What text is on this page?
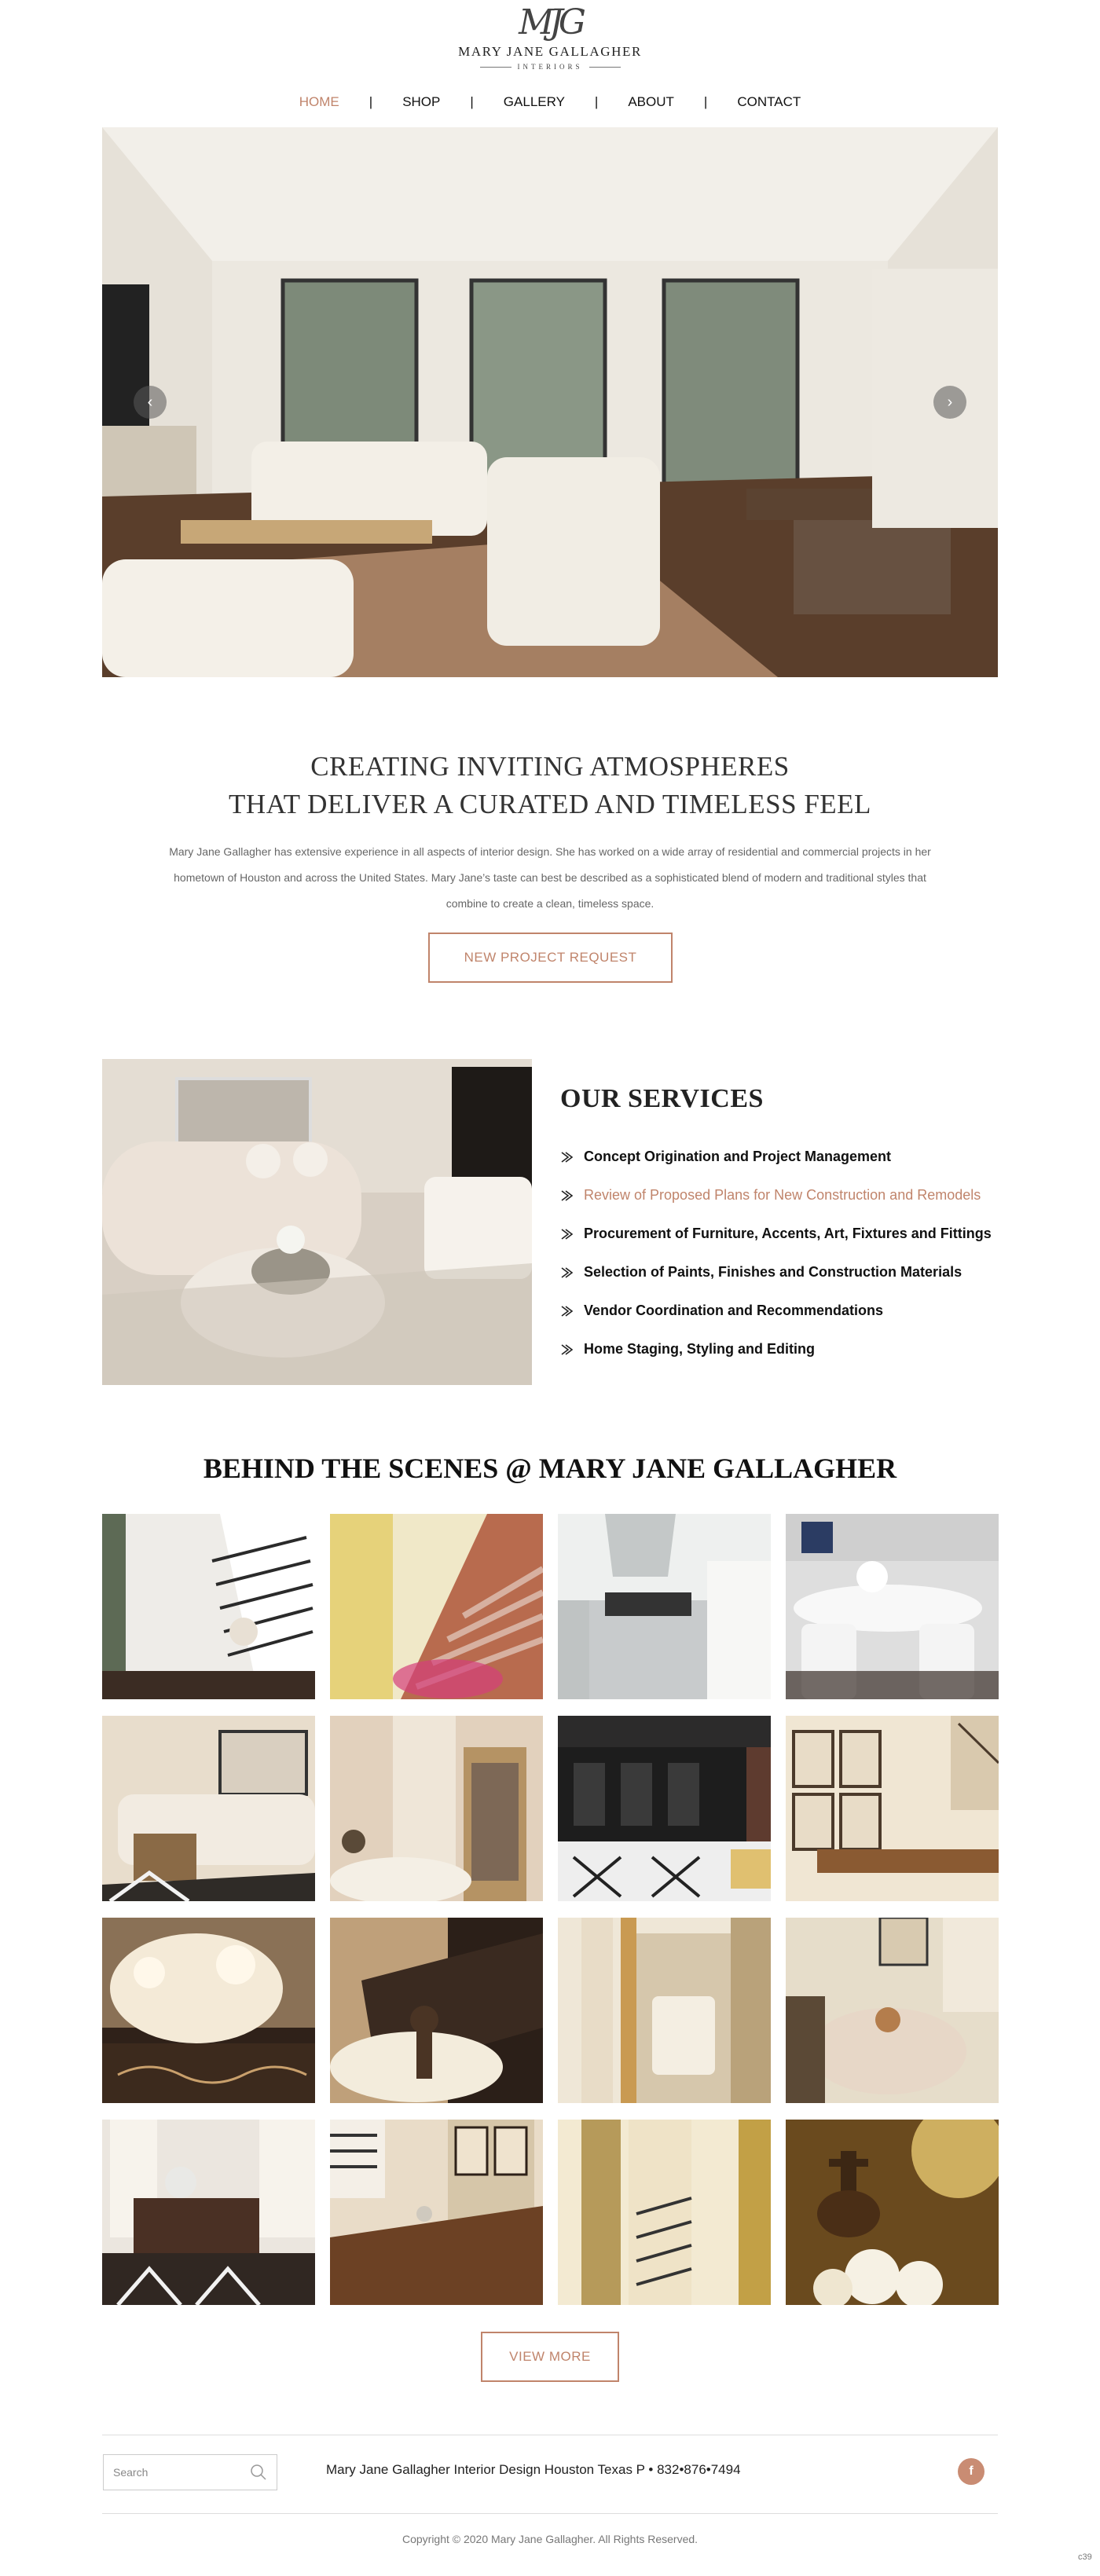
MJG
MARY JANE GALLAGHER
INTERIORS
HOME	|	SHOP	|	GALLERY	|	ABOUT	|	CONTACT
‹	›
CREATING INVITING ATMOSPHERES
THAT DELIVER A CURATED AND TIMELESS FEEL

Mary Jane Gallagher has extensive experience in all aspects of interior design. She has worked on a wide array of residential and commercial projects in her hometown of Houston and across the United States. Mary Jane’s taste can best be described as a sophisticated blend of modern and traditional styles that combine to create a clean, timeless space.

NEW PROJECT REQUEST
OUR SERVICES
Concept Origination and Project Management
Review of Proposed Plans for New Construction and Remodels
Procurement of Furniture, Accents, Art, Fixtures and Fittings
Selection of Paints, Finishes and Construction Materials
Vendor Coordination and Recommendations
Home Staging, Styling and Editing
BEHIND THE SCENES @ MARY JANE GALLAGHER
VIEW MORE
Search
Mary Jane Gallagher Interior Design Houston Texas P • 832•876•7494	f
Copyright © 2020 Mary Jane Gallagher. All Rights Reserved.
c39
